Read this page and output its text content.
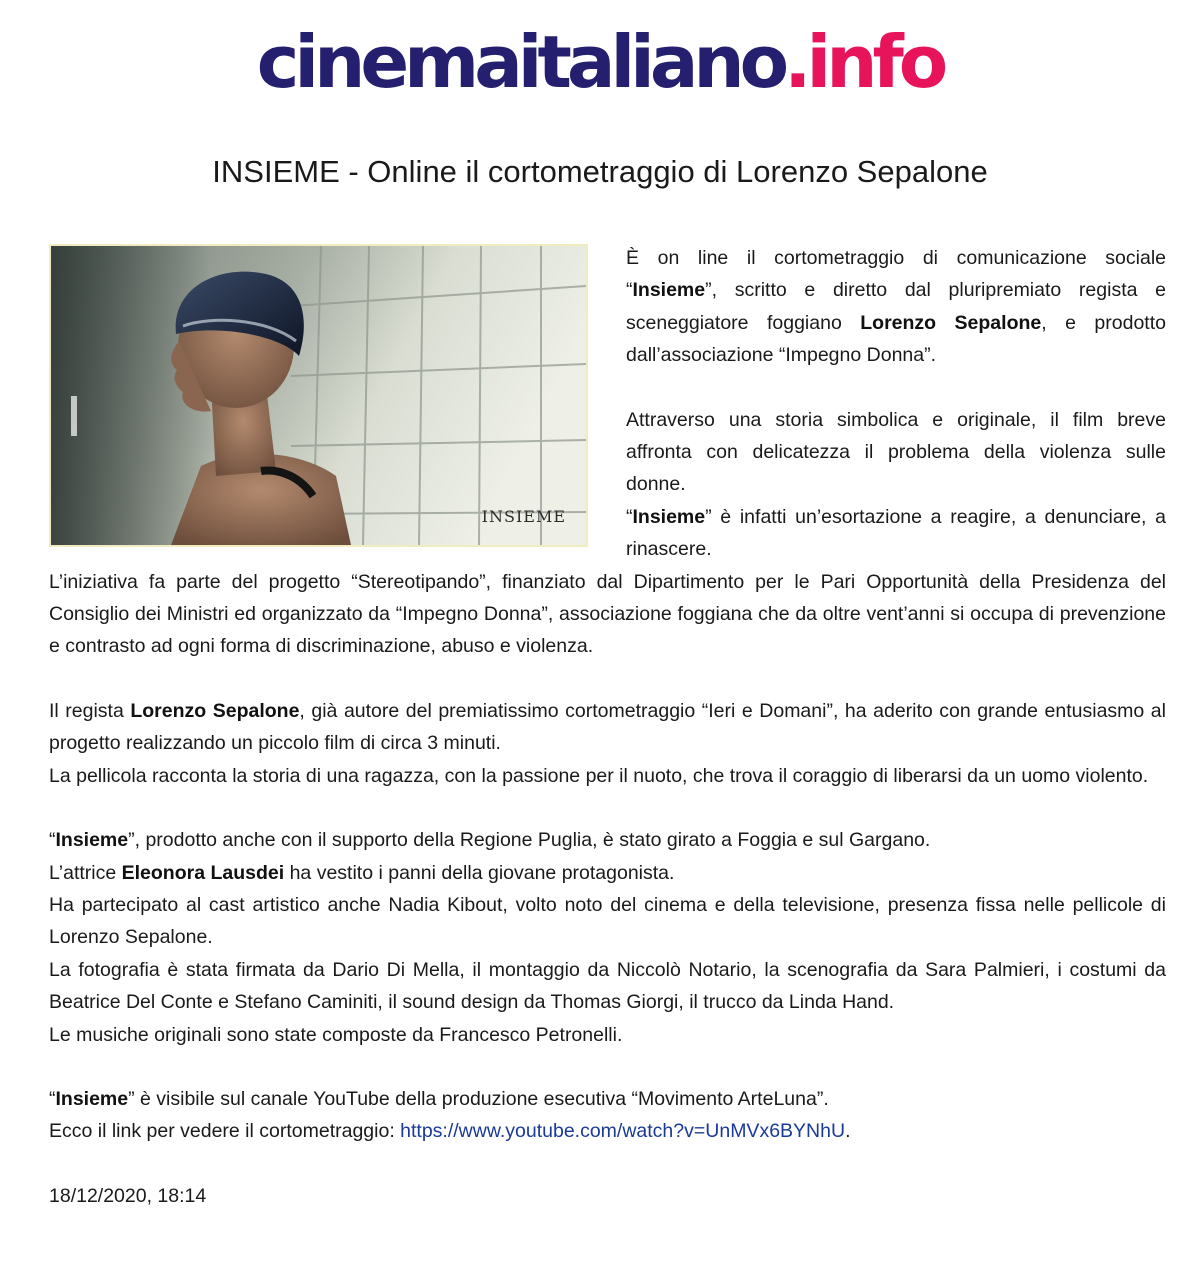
cinemaitaliano.info
INSIEME - Online il cortometraggio di Lorenzo Sepalone
INSIEME

È on line il cortometraggio di comunicazione sociale “Insieme”, scritto e diretto dal pluripremiato regista e sceneggiatore foggiano Lorenzo Sepalone, e prodotto dall’associazione “Impegno Donna”.

Attraverso una storia simbolica e originale, il film breve affronta con delicatezza il problema della violenza sulle donne.

“Insieme” è infatti un’esortazione a reagire, a denunciare, a rinascere.

L’iniziativa fa parte del progetto “Stereotipando”, finanziato dal Dipartimento per le Pari Opportunità della Presidenza del Consiglio dei Ministri ed organizzato da “Impegno Donna”, associazione foggiana che da oltre vent’anni si occupa di prevenzione e contrasto ad ogni forma di discriminazione, abuso e violenza.

Il regista Lorenzo Sepalone, già autore del premiatissimo cortometraggio “Ieri e Domani”, ha aderito con grande entusiasmo al progetto realizzando un piccolo film di circa 3 minuti.

La pellicola racconta la storia di una ragazza, con la passione per il nuoto, che trova il coraggio di liberarsi da un uomo violento.

“Insieme”, prodotto anche con il supporto della Regione Puglia, è stato girato a Foggia e sul Gargano.

L’attrice Eleonora Lausdei ha vestito i panni della giovane protagonista.

Ha partecipato al cast artistico anche Nadia Kibout, volto noto del cinema e della televisione, presenza fissa nelle pellicole di Lorenzo Sepalone.

La fotografia è stata firmata da Dario Di Mella, il montaggio da Niccolò Notario, la scenografia da Sara Palmieri, i costumi da Beatrice Del Conte e Stefano Caminiti, il sound design da Thomas Giorgi, il trucco da Linda Hand.

Le musiche originali sono state composte da Francesco Petronelli.

“Insieme” è visibile sul canale YouTube della produzione esecutiva “Movimento ArteLuna”.

Ecco il link per vedere il cortometraggio: https://www.youtube.com/watch?v=UnMVx6BYNhU.

18/12/2020, 18:14
